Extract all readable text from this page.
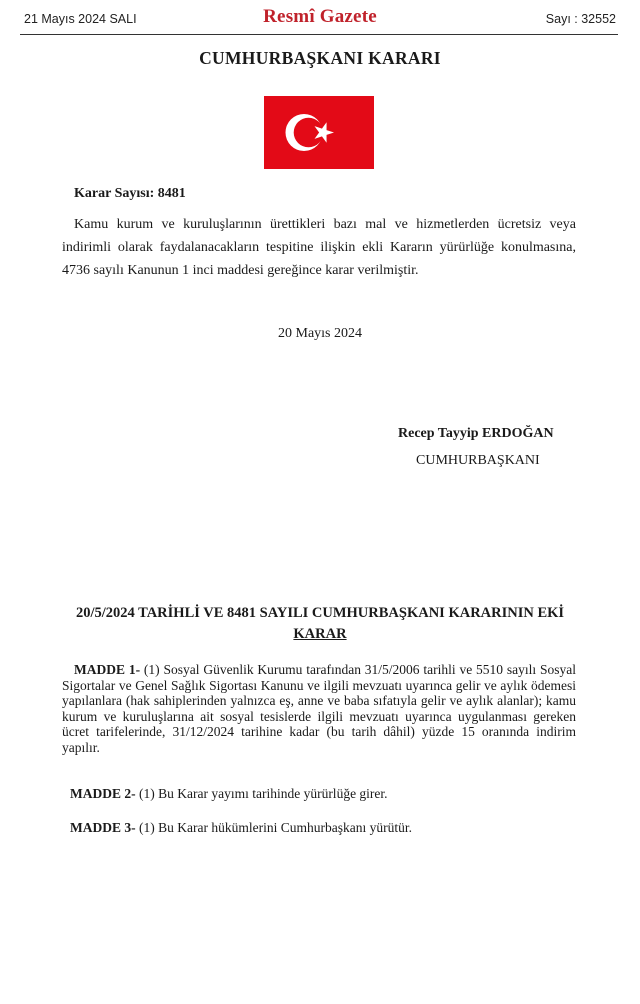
21 Mayıs 2024 SALI	Resmî Gazete	Sayı : 32552
CUMHURBAŞKANI KARARI
Karar Sayısı: 8481
Kamu kurum ve kuruluşlarının ürettikleri bazı mal ve hizmetlerden ücretsiz veya indirimli olarak faydalanacakların tespitine ilişkin ekli Kararın yürürlüğe konulmasına, 4736 sayılı Kanunun 1 inci maddesi gereğince karar verilmiştir.
20 Mayıs 2024
Recep Tayyip ERDOĞAN
CUMHURBAŞKANI
20/5/2024 TARİHLİ VE 8481 SAYILI CUMHURBAŞKANI KARARININ EKİ
KARAR
MADDE 1- (1) Sosyal Güvenlik Kurumu tarafından 31/5/2006 tarihli ve 5510 sayılı Sosyal Sigortalar ve Genel Sağlık Sigortası Kanunu ve ilgili mevzuatı uyarınca gelir ve aylık ödemesi yapılanlara (hak sahiplerinden yalnızca eş, anne ve baba sıfatıyla gelir ve aylık alanlar); kamu kurum ve kuruluşlarına ait sosyal tesislerde ilgili mevzuatı uyarınca uygulanması gereken ücret tarifelerinde, 31/12/2024 tarihine kadar (bu tarih dâhil) yüzde 15 oranında indirim yapılır.
MADDE 2- (1) Bu Karar yayımı tarihinde yürürlüğe girer.
MADDE 3- (1) Bu Karar hükümlerini Cumhurbaşkanı yürütür.
